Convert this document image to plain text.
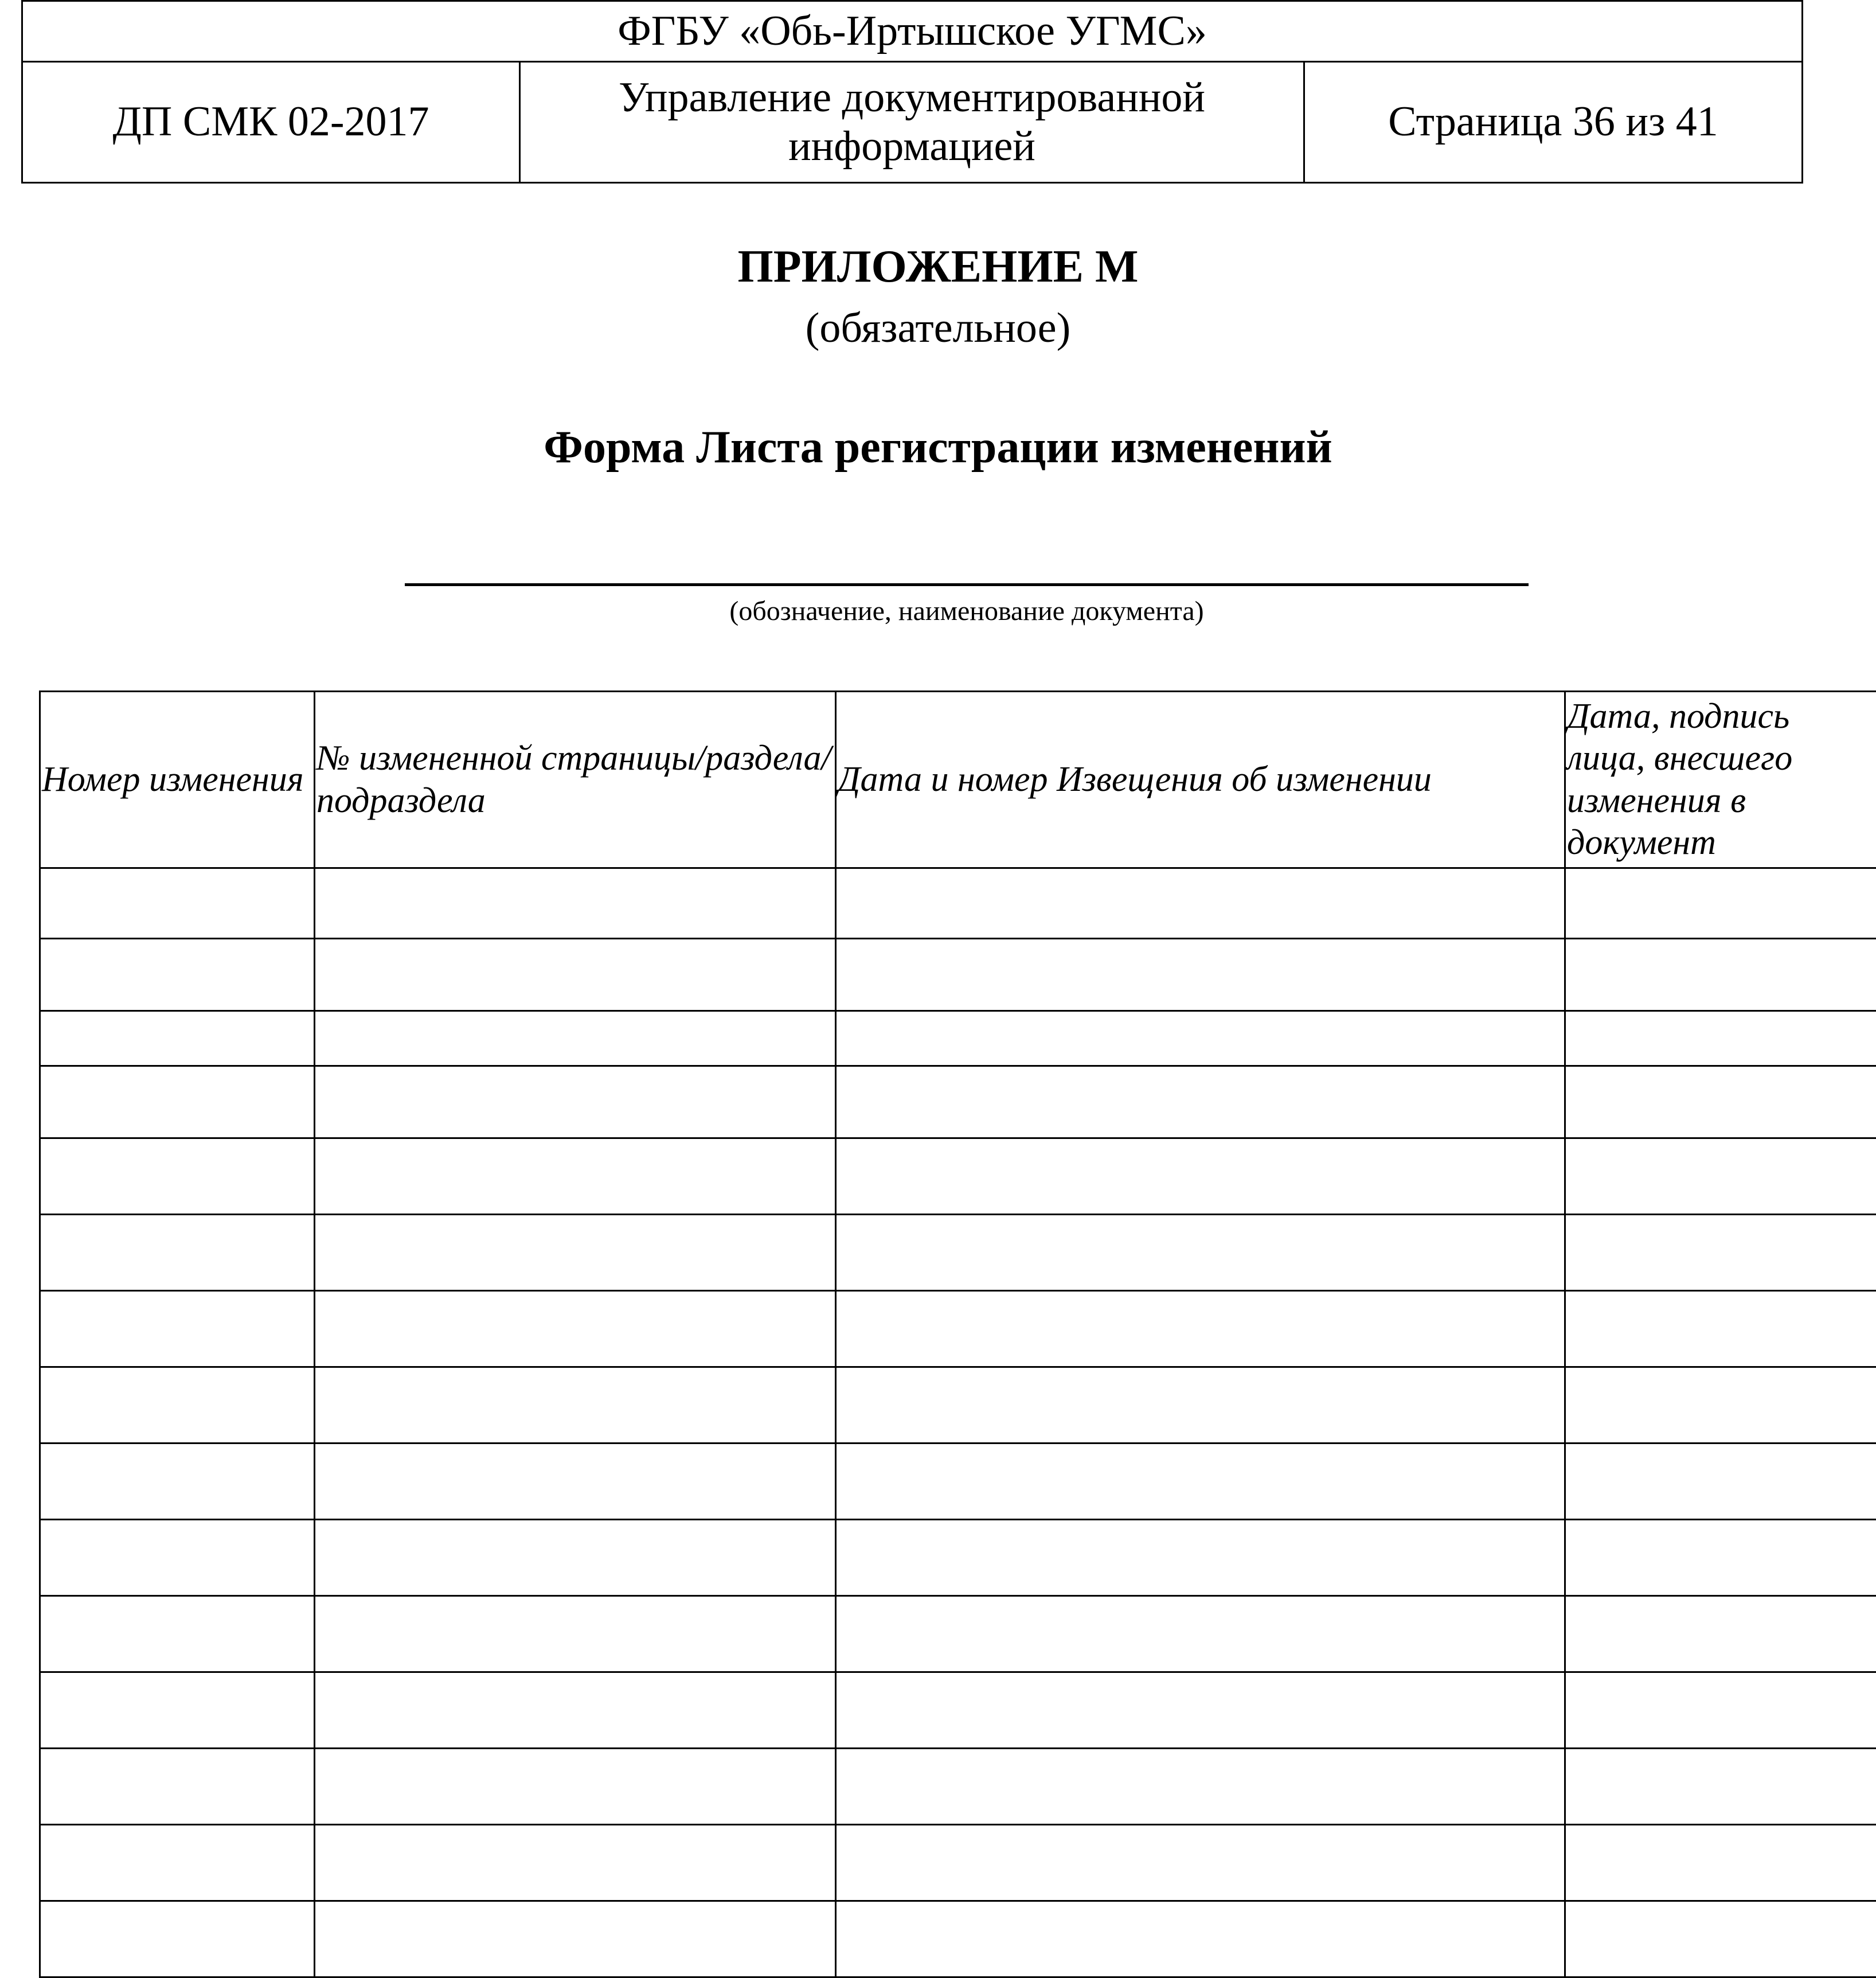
ФГБУ «Обь-Иртышское УГМС»
ДП СМК 02-2017	Управление документированной информацией	Страница 36 из 41
ПРИЛОЖЕНИЕ М
(обязательное)
Форма Листа регистрации изменений
(обозначение, наименование документа)
Номер изменения	№ измененной страницы/раздела/подраздела	Дата и номер Извещения об изменении	Дата, подпись лица, внесшего изменения в документ
